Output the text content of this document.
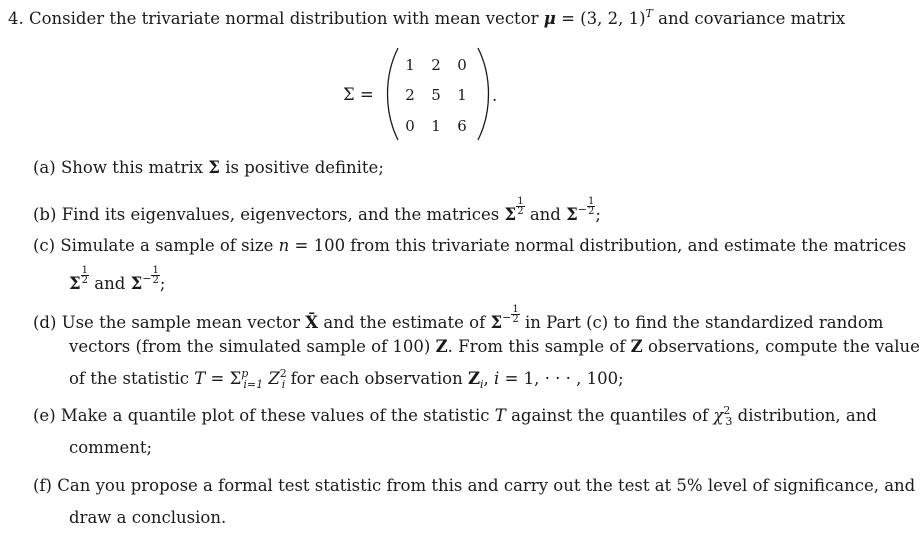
4. Consider the trivariate normal distribution with mean vector μ = (3, 2, 1)$^T$ and covariance matrix
Σ =
1	2	0
2	5	1
0	1	6
.
(a) Show this matrix Σ is positive definite;
(b) Find its eigenvalues, eigenvectors, and the matrices Σ $\frac{1}{2}$ and $\Sigma^- \frac{1}{2}$ ;
(c) Simulate a sample of size n = 100 from this trivariate normal distribution, and estimate the matrices
Σ $\frac{1}{2}$ and $\Sigma^- \frac{1}{2}$ ;
(d) Use the sample mean vector X̄ and the estimate of $\Sigma^- \frac{1}{2}$ in Part (c) to find the standardized random
vectors (from the simulated sample of 100) Z. From this sample of Z observations, compute the value
of the statistic $T = \Sigma^p_{i=1}$ $Z^2_i$ for each observation $Z_i$, i = 1, · · · , 100;
(e) Make a quantile plot of these values of the statistic T against the quantiles of $\chi^2_3$ distribution, and
comment;
(f) Can you propose a formal test statistic from this and carry out the test at 5% level of significance, and
draw a conclusion.
